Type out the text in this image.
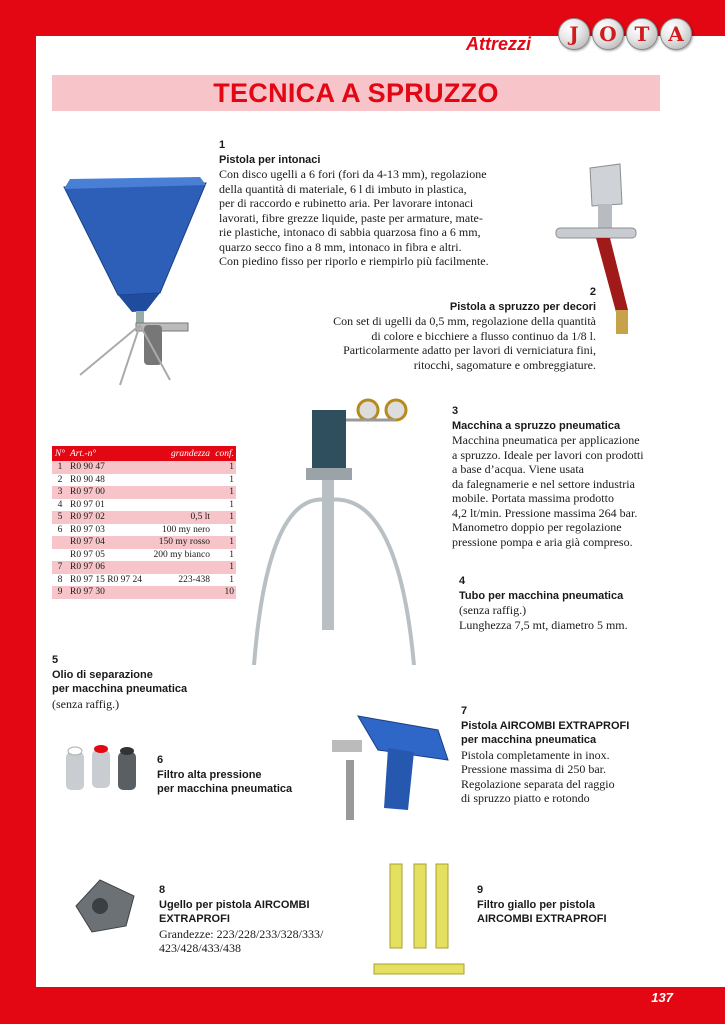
137
Attrezzi	J	O T A
TECNICA A SPRUZZO
1
Pistola per intonaci
Con disco ugelli a 6 fori (fori da 4-13 mm), regolazione
della quantità di materiale, 6 l di imbuto in plastica,
per di raccordo e rubinetto aria. Per lavorare intonaci
lavorati, fibre grezze liquide, paste per armature, mate-
rie plastiche, intonaco di sabbia quarzosa fino a 6 mm,
quarzo secco fino a 8 mm, intonaco in fibra e altri.
Con piedino fisso per riporlo e riempirlo più facilmente.
2
Pistola a spruzzo per decori
Con set di ugelli da 0,5 mm, regolazione della quantità
di colore e bicchiere a flusso continuo da 1/8 l.
Particolarmente adatto per lavori di verniciatura fini,
ritocchi, sagomature e ombreggiature.
3
Macchina a spruzzo pneumatica
Macchina pneumatica per applicazione
a spruzzo. Ideale per lavori con prodotti
a base d’acqua. Viene usata
da falegnamerie e nel settore industria
mobile. Portata massima prodotto
4,2 lt/min. Pressione massima 264 bar.
Manometro doppio per regolazione
pressione pompa e aria già compreso.
4
Tubo per macchina pneumatica
(senza raffig.)
Lunghezza 7,5 mt, diametro 5 mm.
5
Olio di separazione
per macchina pneumatica
(senza raffig.)
6
Filtro alta pressione
per macchina pneumatica
7
Pistola AIRCOMBI EXTRAPROFI
per macchina pneumatica
Pistola completamente in inox.
Pressione massima di 250 bar.
Regolazione separata del raggio
di spruzzo piatto e rotondo
8
Ugello per pistola AIRCOMBI
EXTRAPROFI
Grandezze: 223/228/233/328/333/
423/428/433/438
9
Filtro giallo per pistola
AIRCOMBI EXTRAPROFI
N°	Art.-n°	grandezza	conf.
1	R0 90 47		1
2	R0 90 48		1
3	R0 97 00		1
4	R0 97 01		1
5	R0 97 02	0,5 lt	1
6	R0 97 03	100 my nero	1
	R0 97 04	150 my rosso	1
	R0 97 05	200 my bianco	1
7	R0 97 06		1
8	R0 97 15 R0 97 24	223-438	1
9	R0 97 30		10
